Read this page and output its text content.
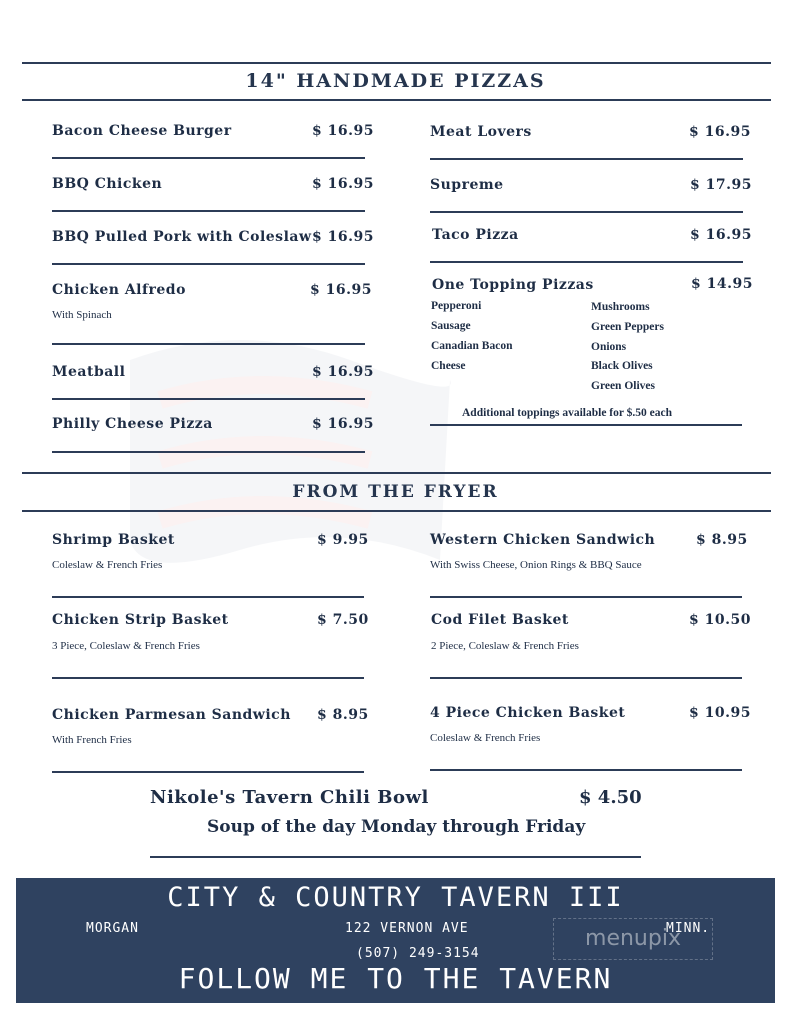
14" HANDMADE PIZZAS
Bacon Cheese Burger	$ 16.95
BBQ Chicken	$ 16.95
BBQ Pulled Pork with Coleslaw $ 16.95
Chicken Alfredo	$ 16.95
With Spinach
Meatball	$ 16.95
Philly Cheese Pizza	$ 16.95
Meat Lovers	$ 16.95
Supreme	$ 17.95
Taco Pizza	$ 16.95
One Topping Pizzas	$ 14.95
Pepperoni
Sausage
Canadian Bacon
Cheese
Mushrooms
Green Peppers
Onions
Black Olives
Green Olives
Additional toppings available for $.50 each
FROM THE FRYER
Shrimp Basket	$ 9.95
Coleslaw & French Fries
Chicken Strip Basket	$ 7.50
3 Piece, Coleslaw & French Fries
Chicken Parmesan Sandwich $ 8.95
With French Fries
Western Chicken Sandwich	$ 8.95
With Swiss Cheese, Onion Rings & BBQ Sauce
Cod Filet Basket	$ 10.50
2 Piece, Coleslaw & French Fries
4 Piece Chicken Basket	$ 10.95
Coleslaw & French Fries
Nikole's Tavern Chili Bowl	$ 4.50
Soup of the day Monday through Friday
CITY & COUNTRY TAVERN III
MORGAN	122 VERNON AVE	MINN.
(507) 249-3154
menupix
FOLLOW ME TO THE TAVERN
